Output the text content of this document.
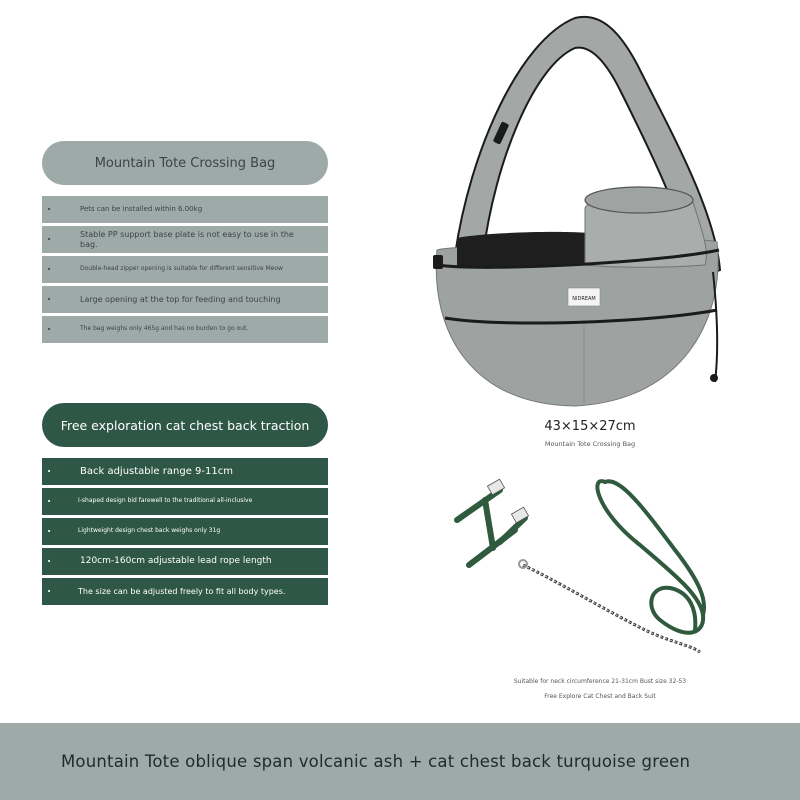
Mountain Tote Crossing Bag
•	Pets can be installed within 6.00kg
•	Stable PP support base plate is not easy to use in the bag.
•	Double-head zipper opening is suitable for different sensitive Meow
•	Large opening at the top for feeding and touching
•	The bag weighs only 465g and has no burden to go out.
Free exploration cat chest back traction
•	Back adjustable range 9-11cm
•	I-shaped design bid farewell to the traditional all-inclusive
•	Lightweight design chest back weighs only 31g
•	120cm-160cm adjustable lead rope length
•	The size can be adjusted freely to fit all body types.
NIDREAM
43×15×27cm
Mountain Tote Crossing Bag
Suitable for neck circumference 21-31cm Bust size 32-53
Free Explore Cat Chest and Back Suit
Mountain Tote oblique span volcanic ash + cat chest back turquoise green
